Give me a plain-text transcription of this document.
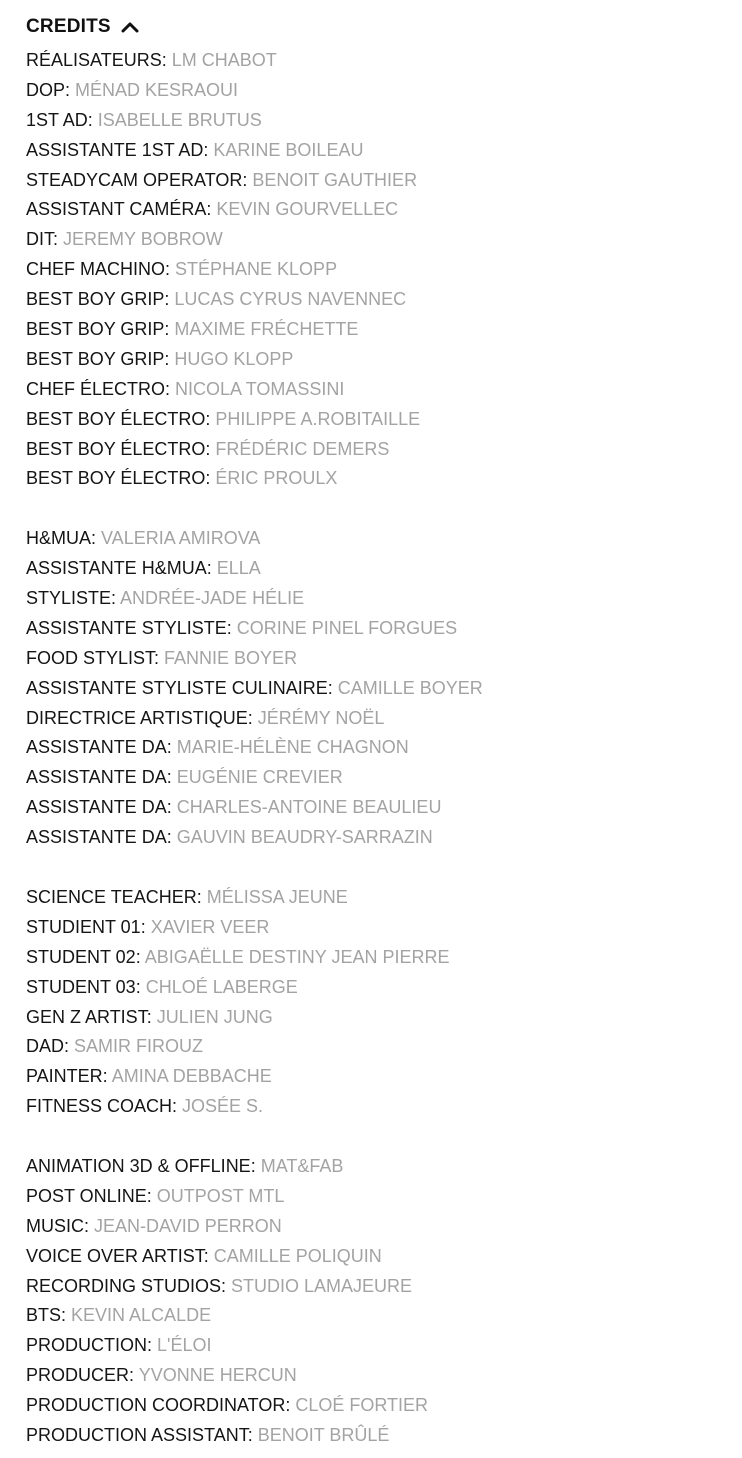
CREDITS
RÉALISATEURS: LM CHABOT
DOP: MÉNAD KESRAOUI
1ST AD: ISABELLE BRUTUS
ASSISTANTE 1ST AD: KARINE BOILEAU
STEADYCAM OPERATOR: BENOIT GAUTHIER
ASSISTANT CAMÉRA: KEVIN GOURVELLEC
DIT: JEREMY BOBROW
CHEF MACHINO: STÉPHANE KLOPP
BEST BOY GRIP: LUCAS CYRUS NAVENNEC
BEST BOY GRIP: MAXIME FRÉCHETTE
BEST BOY GRIP: HUGO KLOPP
CHEF ÉLECTRO: NICOLA TOMASSINI
BEST BOY ÉLECTRO: PHILIPPE A.ROBITAILLE
BEST BOY ÉLECTRO: FRÉDÉRIC DEMERS
BEST BOY ÉLECTRO: ÉRIC PROULX
H&MUA: VALERIA AMIROVA
ASSISTANTE H&MUA: ELLA
STYLISTE: ANDRÉE-JADE HÉLIE
ASSISTANTE STYLISTE: CORINE PINEL FORGUES
FOOD STYLIST: FANNIE BOYER
ASSISTANTE STYLISTE CULINAIRE: CAMILLE BOYER
DIRECTRICE ARTISTIQUE: JÉRÉMY NOËL
ASSISTANTE DA: MARIE-HÉLÈNE CHAGNON
ASSISTANTE DA: EUGÉNIE CREVIER
ASSISTANTE DA: CHARLES-ANTOINE BEAULIEU
ASSISTANTE DA: GAUVIN BEAUDRY-SARRAZIN
SCIENCE TEACHER: MÉLISSA JEUNE
STUDIENT 01: XAVIER VEER
STUDENT 02: ABIGAËLLE DESTINY JEAN PIERRE
STUDENT 03: CHLOÉ LABERGE
GEN Z ARTIST: JULIEN JUNG
DAD: SAMIR FIROUZ
PAINTER: AMINA DEBBACHE
FITNESS COACH: JOSÉE S.
ANIMATION 3D & OFFLINE: MAT&FAB
POST ONLINE: OUTPOST MTL
MUSIC: JEAN-DAVID PERRON
VOICE OVER ARTIST: CAMILLE POLIQUIN
RECORDING STUDIOS: STUDIO LAMAJEURE
BTS: KEVIN ALCALDE
PRODUCTION: L'ÉLOI
PRODUCER: YVONNE HERCUN
PRODUCTION COORDINATOR: CLOÉ FORTIER
PRODUCTION ASSISTANT: BENOIT BRÛLÉ
